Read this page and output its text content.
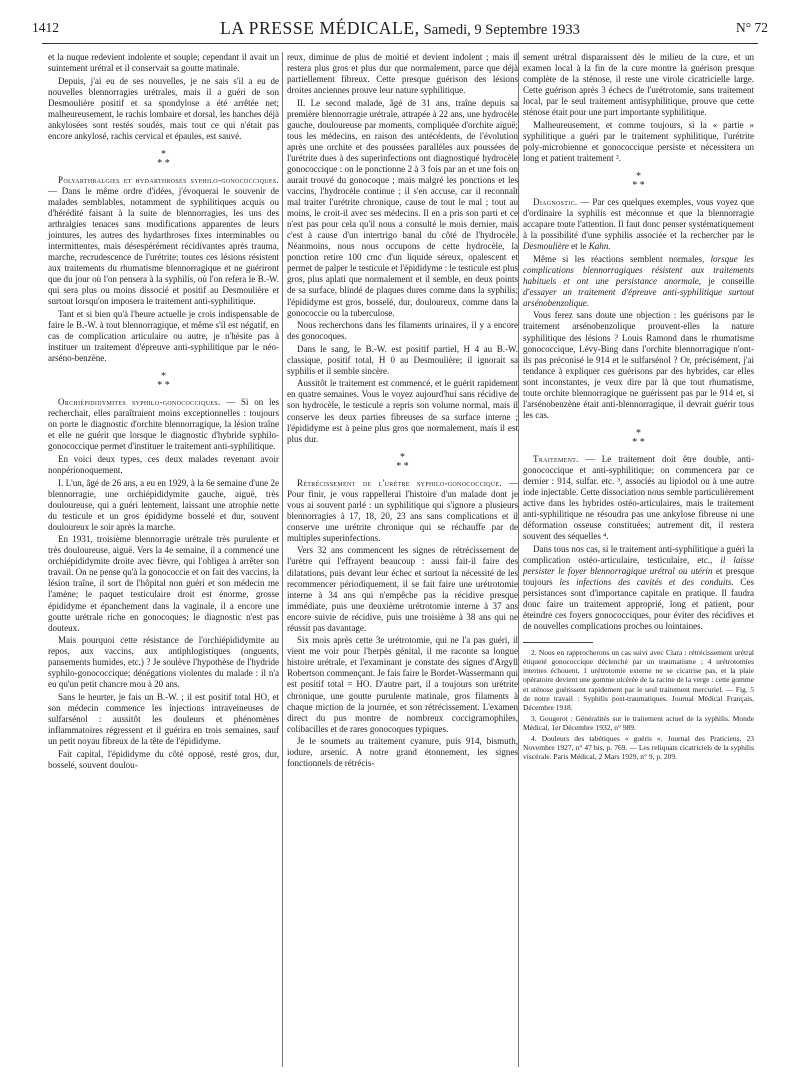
1412	LA PRESSE MÉDICALE, Samedi, 9 Septembre 1933	N° 72

et la nuque redevient indolente et souple; cependant il avait un suintement urétral et il conservait sa goutte matinale.

Depuis, j'ai eu de ses nouvelles, je ne sais s'il a eu de nouvelles blennorragies urétrales, mais il a guéri de son Desmoulière positif et sa spondylose a été arrêtée net; malheureusement, le rachis lombaire et dorsal, les hanches déjà ankylosées sont restés soudés, mais tout ce qui n'était pas encore ankylosé, rachis cervical et épaules, est sauvé.

*
* *

Polyarthralgies et hydarthroses syphilo-gonococciques. — Dans le même ordre d'idées, j'évoquerai le souvenir de malades semblables, notamment de syphilitiques acquis ou d'hérédité faisant à la suite de blennorragies, les uns des arthralgies tenaces sans modifications apparentes de leurs jointures, les autres des hydarthroses fixes interminables ou intermittentes, mais désespérément récidivantes après trauma, marche, recrudescence de l'urétrite; toutes ces lésions résistent aux traitements du rhumatisme blennorragique et ne guériront que du jour où l'on pensera à la syphilis, où l'on refera le B.-W. qui sera plus ou moins dissocié et positif au Desmoulière et surtout lorsqu'on imposera le traitement anti-syphilitique.

Tant et si bien qu'à l'heure actuelle je crois indispensable de faire le B.-W. à tout blennorragique, et même s'il est négatif, en cas de complication articulaire ou autre, je n'hésite pas à instituer un traitement d'épreuve anti-syphilitique par le néo-arséno-benzène.

*
* *

Orchiépididymites syphilo-gonococciques. — Si on les recherchait, elles paraîtraient moins exceptionnelles : toujours on porte le diagnostic d'orchite blennorragique, la lésion traîne et elle ne guérit que lorsque le diagnostic d'hybride syphilo-gonococcique permet d'instituer le traitement anti-syphilitique.

En voici deux types, ces deux malades revenant avoir nonpérionoquement.

I. L'un, âgé de 26 ans, a eu en 1929, à la 6e semaine d'une 2e blennorragie, une orchiépididymite gauche, aiguë, très douloureuse, qui a guéri lentement, laissant une atrophie nette du testicule et un gros épididyme bosselé et dur, souvent douloureux le soir après la marche.

En 1931, troisième blennorragie urétrale très purulente et très douloureuse, aiguë. Vers la 4e semaine, il a commencé une orchiépididymite droite avec fièvre, qui l'obligea à arrêter son travail. On ne pense qu'à la gonococcie et on fait des vaccins, la lésion traîne, il sort de l'hôpital non guéri et son médecin me l'amène; le paquet testiculaire droit est énorme, grosse épididyme et épanchement dans la vaginale, il a encore une goutte urétrale riche en gonocoques; le diagnostic n'est pas douteux.

Mais pourquoi cette résistance de l'orchiépididymite au repos, aux vaccins, aux antiphlogistiques (onguents, pansements humides, etc.) ? Je soulève l'hypothèse de l'hydride syphilo-gonococcique; dénégations violentes du malade : il n'a eu qu'un petit chancre mou à 20 ans.

Sans le heurter, je fais un B.-W. ; il est positif total HO, et son médecin commence les injections intraveineuses de sulfarsénol : aussitôt les douleurs et phénomènes inflammatoires régressent et il guérira en trois semaines, sauf un petit noyau fibreux de la tête de l'épididyme.

Fait capital, l'épididyme du côté opposé, resté gros, dur, bosselé, souvent doulou-

reux, diminue de plus de moitié et devient indolent ; mais il restera plus gros et plus dur que normalement, parce que déjà partiellement fibreux. Cette presque guérison des lésions droites anciennes prouve leur nature syphilitique.

II. Le second malade, âgé de 31 ans, traîne depuis sa première blennorragie urétrale, attrapée à 22 ans, une hydrocèle gauche, douloureuse par moments, compliquée d'orchite aiguë; tous les médecins, en raison des antécédents, de l'évolution après une orchite et des poussées parallèles aux poussées de l'urétrite dues à des superinfections ont diagnostiqué hydrocèle gonococcique : on le ponctionne 2 à 3 fois par an et une fois on aurait trouvé du gonocoque ; mais malgré les ponctions et les vaccins, l'hydrocèle continue ; il s'en accuse, car il reconnaît mal traiter l'urétrite chronique, cause de tout le mal ; tout au moins, le croit-il avec ses médecins. Il en a pris son parti et ce n'est pas pour cela qu'il nous a consulté le mois dernier, mais c'est à cause d'un intertrigo banal du côté de l'hydrocèle. Néanmoins, nous nous occupons de cette hydrocèle, la ponction retire 100 cmc d'un liquide séreux, opalescent et permet de palper le testicule et l'épididyme : le testicule est plus gros, plus aplati que normalement et il semble, en deux points de sa surface, blindé de plaques dures comme dans la syphilis; l'épididyme est gros, bosselé, dur, douloureux, comme dans la gonococcie ou la tuberculose.

Nous recherchons dans les filaments urinaires, il y a encore des gonocoques.

Dans le sang, le B.-W. est positif partiel, H 4 au B.-W. classique, positif total, H 0 au Desmoulière; il ignorait sa syphilis et il semble sincère.

Aussitôt le traitement est commencé, et le guérit rapidement en quatre semaines. Vous le voyez aujourd'hui sans récidive de son hydrocèle, le testicule a repris son volume normal, mais il conserve les deux parties fibreuses de sa surface interne ; l'épididyme est à peine plus gros que normalement, mais il est plus dur.

*
* *

Rétrécissement de l'urètre syphilo-gonococcique. — Pour finir, je vous rappellerai l'histoire d'un malade dont je vous ai souvent parlé : un syphilitique qui s'ignore a plusieurs blennorragies à 17, 18, 20, 23 ans sans complications et il conserve une urétrite chronique qui se réchauffe par de multiples superinfections.

Vers 32 ans commencent les signes de rétrécissement de l'urètre qui l'effrayent beaucoup : aussi fait-il faire des dilatations, puis devant leur échec et surtout la nécessité de les recommencer périodiquement, il se fait faire une urétrotomie interne à 34 ans qui n'empêche pas la récidive presque immédiate, puis une deuxième urétrotomie interne à 37 ans encore suivie de récidive, puis une troisième à 38 ans qui ne réussit pas davantage.

Six mois après cette 3e urétrotomie, qui ne l'a pas guéri, il vient me voir pour l'herpès génital, il me raconte sa longue histoire urétrale, et l'examinant je constate des signes d'Argyll Robertson commençant. Je fais faire le Bordet-Wassermann qui est positif total = HO. D'autre part, il a toujours son urétrite chronique, une goutte purulente matinale, gros filaments à chaque miction de la journée, et son rétrécissement. L'examen direct du pus montre de nombreux coccigramophiles, colibacilles et de rares gonocoques typiques.

Je le soumets au traitement cyanure, puis 914, bismuth, iodure, arsenic. A notre grand étonnement, les signes fonctionnels de rétrécis-

sement urétral disparaissent dès le milieu de la cure, et un examen local à la fin de la cure montre la guérison presque complète de la sténose, il reste une virole cicatricielle large. Cette guérison après 3 échecs de l'urétrotomie, sans traitement local, par le seul traitement antisyphilitique, prouve que cette sténose était pour une part importante syphilitique.

Malheureusement, et comme toujours, si la « partie » syphilitique a guéri par le traitement syphilitique, l'urétrite poly-microbienne et gonococcique persiste et nécessitera un long et patient traitement ².

*
* *

Diagnostic. — Par ces quelques exemples, vous voyez que d'ordinaire la syphilis est méconnue et que la blennorragie accapare toute l'attention. Il faut donc penser systématiquement à la possibilité d'une syphilis associée et la rechercher par le Desmoulière et le Kahn.

Même si les réactions semblent normales, lorsque les complications blennorragiques résistent aux traitements habituels et ont une persistance anormale, je conseille d'essayer un traitement d'épreuve anti-syphilitique surtout arsénobenzolique.

Vous ferez sans doute une objection : les guérisons par le traitement arsénobenzolique prouvent-elles la nature syphilitique des lésions ? Louis Ramond dans le rhumatisme gonococcique, Lévy-Bing dans l'orchite blennorragique n'ont-ils pas préconisé le 914 et le sulfarsénol ? Or, précisément, j'ai tendance à expliquer ces guérisons par des hybrides, car elles sont inconstantes, je veux dire par là que tout rhumatisme, toute orchite blennorragique ne guérissent pas par le 914 et, si l'arsénobenzène était anti-blennorragique, il devrait guérir tous les cas.

*
* *

Traitement. — Le traitement doit être double, anti-gonococcique et anti-syphilitique; on commencera par ce dernier : 914, sulfar. etc. ³, associés au lipiodol ou à une autre iode injectable. Cette dissociation nous semble particulièrement active dans les hybrides ostéo-articulaires, mais le traitement anti-syphilitique ne résoudra pas une ankylose fibreuse ni une déformation osseuse constituées; autrement dit, il restera souvent des séquelles ⁴.

Dans tous nos cas, si le traitement anti-syphilitique a guéri la complication ostéo-articulaire, testiculaire, etc., il laisse persister le foyer blennorragique urétral ou utérin et presque toujours les infections des cavités et des conduits. Ces persistances sont d'importance capitale en pratique. Il faudra donc faire un traitement approprié, long et patient, pour éteindre ces foyers gonococciques, pour éviter des récidives et de nouvelles complications proches ou lointaines.

2. Nous en rapprocherons un cas suivi avec Clara : rétrécissement urétral étiqueté gonococcique déclenché par un traumatisme ; 4 urétrotomies internes échouent, 1 urétrotomie externe ne se cicatrise pas, et la plaie opératoire devient une gomme ulcérée de la racine de la verge : cette gomme et sténose guérissent rapidement par le seul traitement mercuriel. — Fig. 5 de notre travail : Syphilis post-traumatiques. Journal Médical Français, Décembre 1918.

3. Gougerot : Généralités sur le traitement actuel de la syphilis. Monde Médical, 1er Décembre 1932, n° 989.

4. Douleurs des tabétiques « guéris ». Journal des Praticiens, 23 Novembre 1927, n° 47 bis, p. 769. — Les reliquats cicatriciels de la syphilis viscérale. Paris Médical, 2 Mars 1929, n° 9, p. 209.
